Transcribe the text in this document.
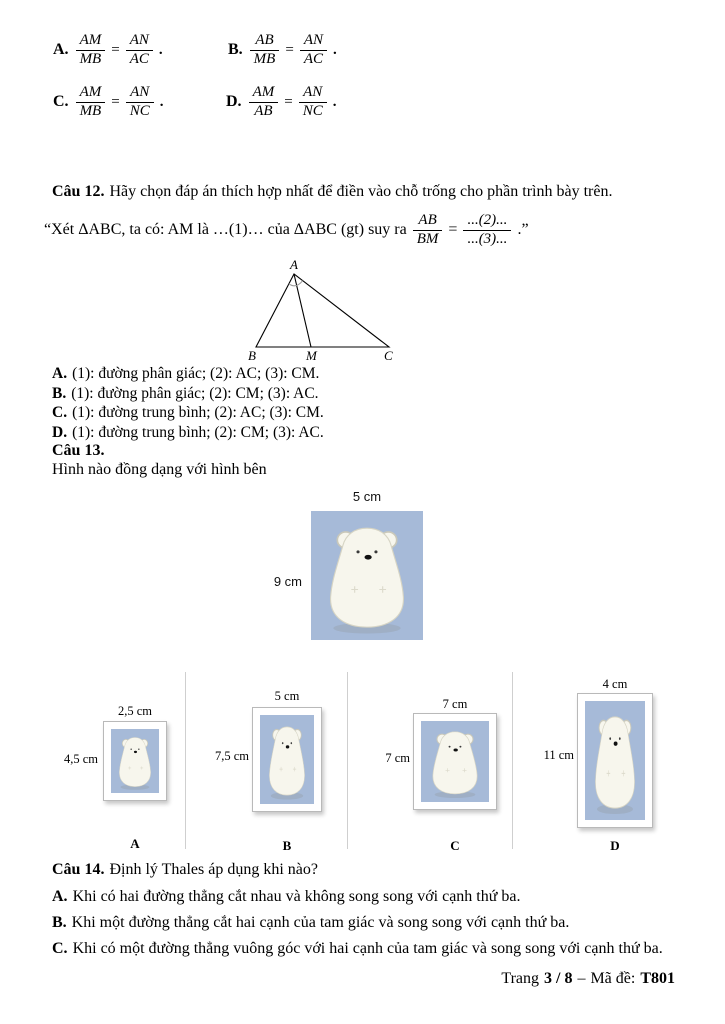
A. $\frac{AM}{MB} = \frac{AN}{AC}$ .	B. $\frac{AB}{MB} = \frac{AN}{AC}$ .
C. $\frac{AM}{MB} = \frac{AN}{NC}$ .	D. $\frac{AM}{AB} = \frac{AN}{NC}$ .
Câu 12. Hãy chọn đáp án thích hợp nhất để điền vào chỗ trống cho phần trình bày trên.
“Xét ΔABC, ta có: AM là …(1)… của ΔABC (gt) suy ra $\frac{AB}{BM} = \frac{...(2)...}{...(3)...}$ .”
A
B	M	C
A. (1): đường phân giác; (2): AC; (3): CM.
B. (1): đường phân giác; (2): CM; (3): AC.
C. (1): đường trung bình; (2): AC; (3): CM.
D. (1): đường trung bình; (2): CM; (3): AC.
Câu 13.
Hình nào đồng dạng với hình bên
5 cm
9 cm
2,5 cm
4,5 cm
A
5 cm
7,5 cm
B
7 cm
7 cm
C
4 cm
11 cm
D
Câu 14. Định lý Thales áp dụng khi nào?
A. Khi có hai đường thẳng cắt nhau và không song song với cạnh thứ ba.
B. Khi một đường thẳng cắt hai cạnh của tam giác và song song với cạnh thứ ba.
C. Khi có một đường thẳng vuông góc với hai cạnh của tam giác và song song với cạnh thứ ba.
Trang 3 / 8 – Mã đề: T801
